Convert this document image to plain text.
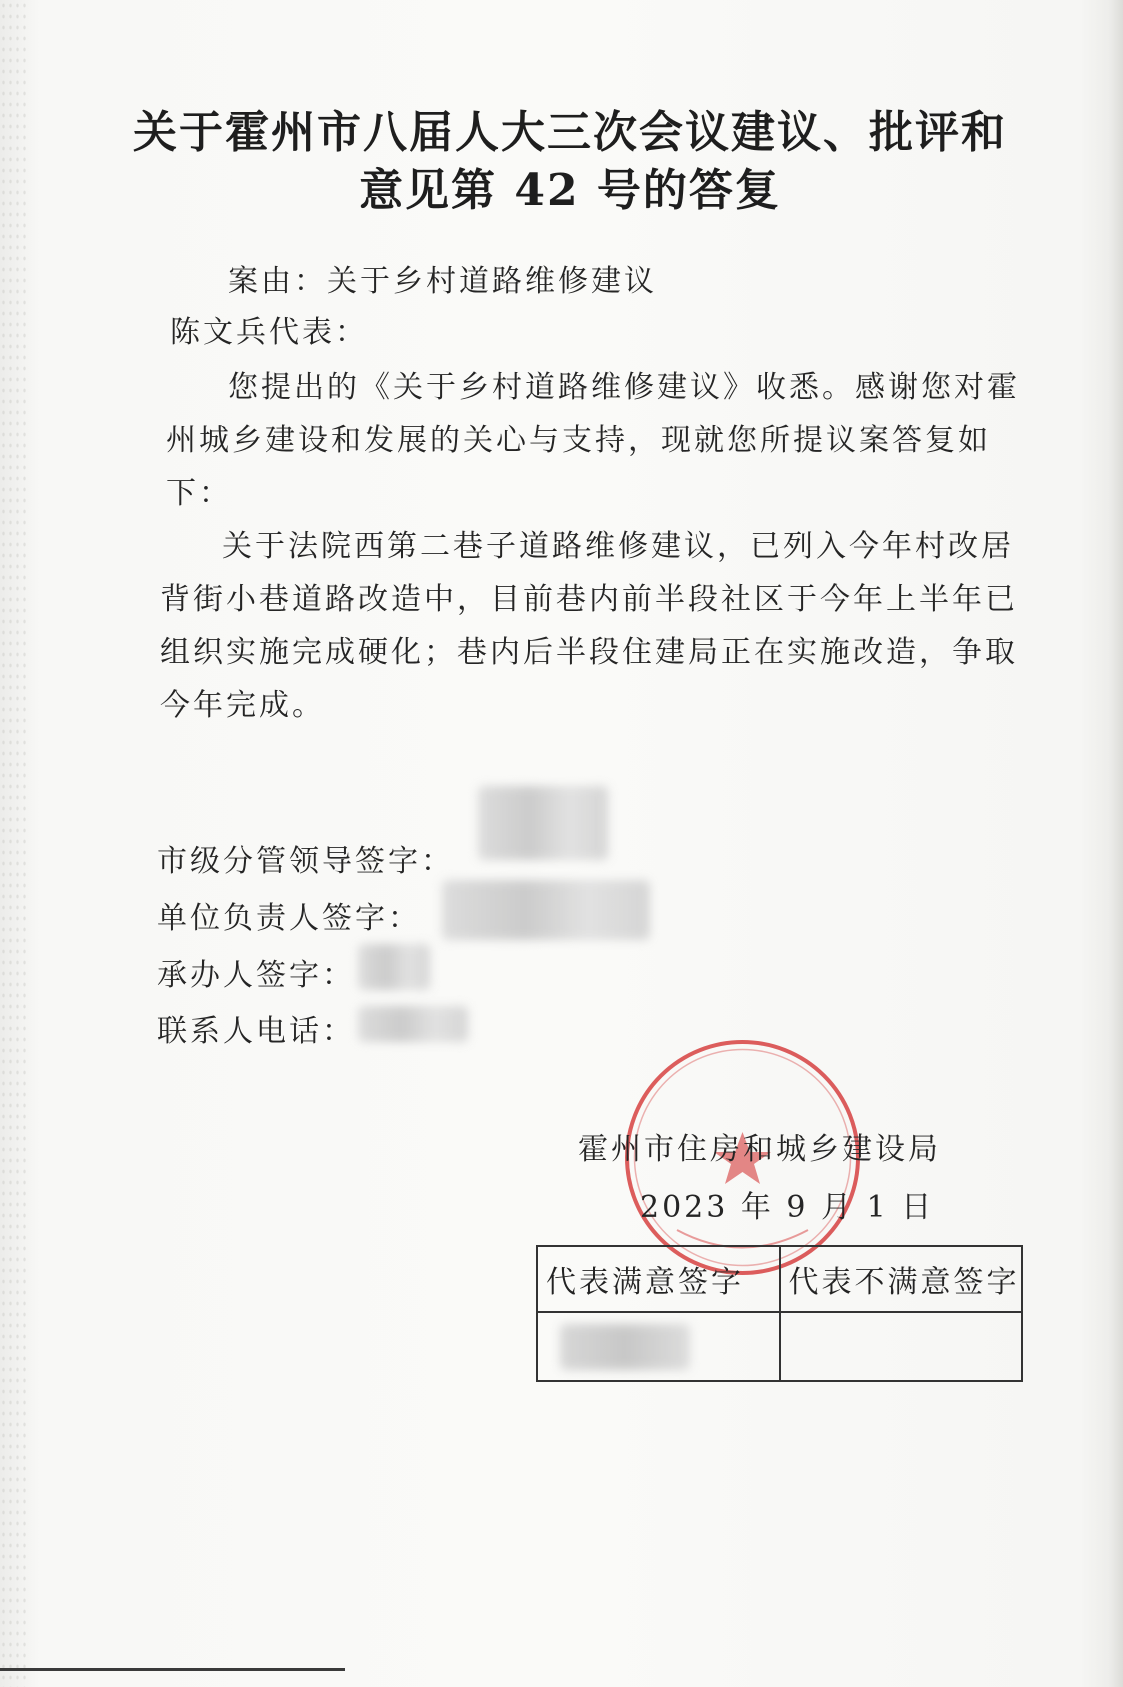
关于霍州市八届人大三次会议建议、批评和
意见第 42 号的答复
案由：关于乡村道路维修建议
陈文兵代表：
您提出的《关于乡村道路维修建议》收悉。感谢您对霍
州城乡建设和发展的关心与支持，现就您所提议案答复如
下：
关于法院西第二巷子道路维修建议，已列入今年村改居
背街小巷道路改造中，目前巷内前半段社区于今年上半年已
组织实施完成硬化；巷内后半段住建局正在实施改造，争取
今年完成。
市级分管领导签字：
单位负责人签字：
承办人签字：
联系人电话：
霍州市住房和城乡建设局
2023 年 9 月 1 日
代表满意签字	代表不满意签字
